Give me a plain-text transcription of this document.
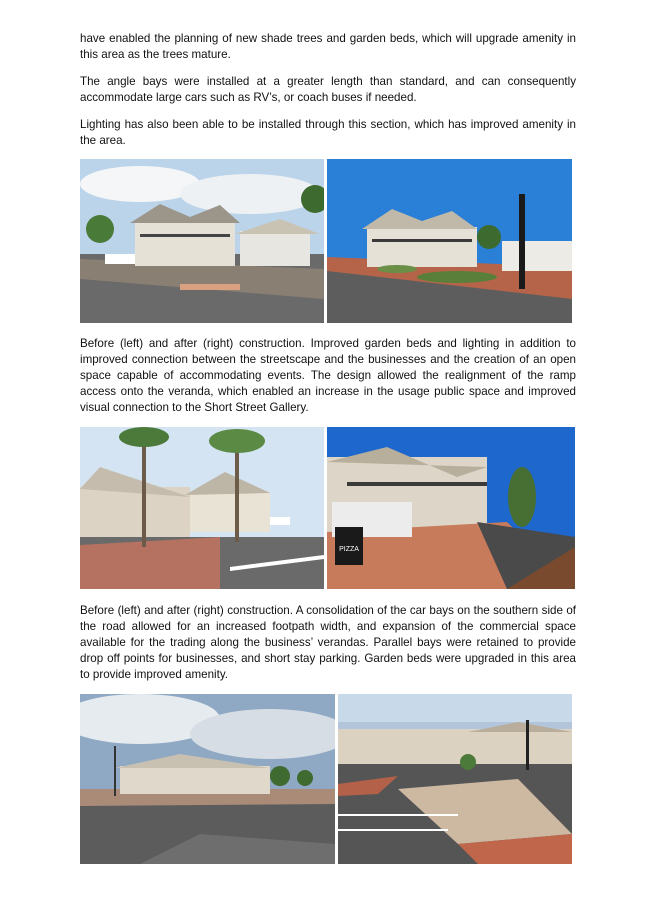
have enabled the planning of new shade trees and garden beds, which will upgrade amenity in this area as the trees mature.

The angle bays were installed at a greater length than standard, and can consequently accommodate large cars such as RV’s, or coach buses if needed.

Lighting has also been able to be installed through this section, which has improved amenity in the area.

Before (left) and after (right) construction. Improved garden beds and lighting in addition to improved connection between the streetscape and the businesses and the creation of an open space capable of accommodating events. The design allowed the realignment of the ramp access onto the veranda, which enabled an increase in the usage public space and improved visual connection to the Short Street Gallery.

PIZZA

Before (left) and after (right) construction. A consolidation of the car bays on the southern side of the road allowed for an increased footpath width, and expansion of the commercial space available for the trading along the business’ verandas. Parallel bays were retained to provide drop off points for businesses, and short stay parking. Garden beds were upgraded in this area to provide improved amenity.
